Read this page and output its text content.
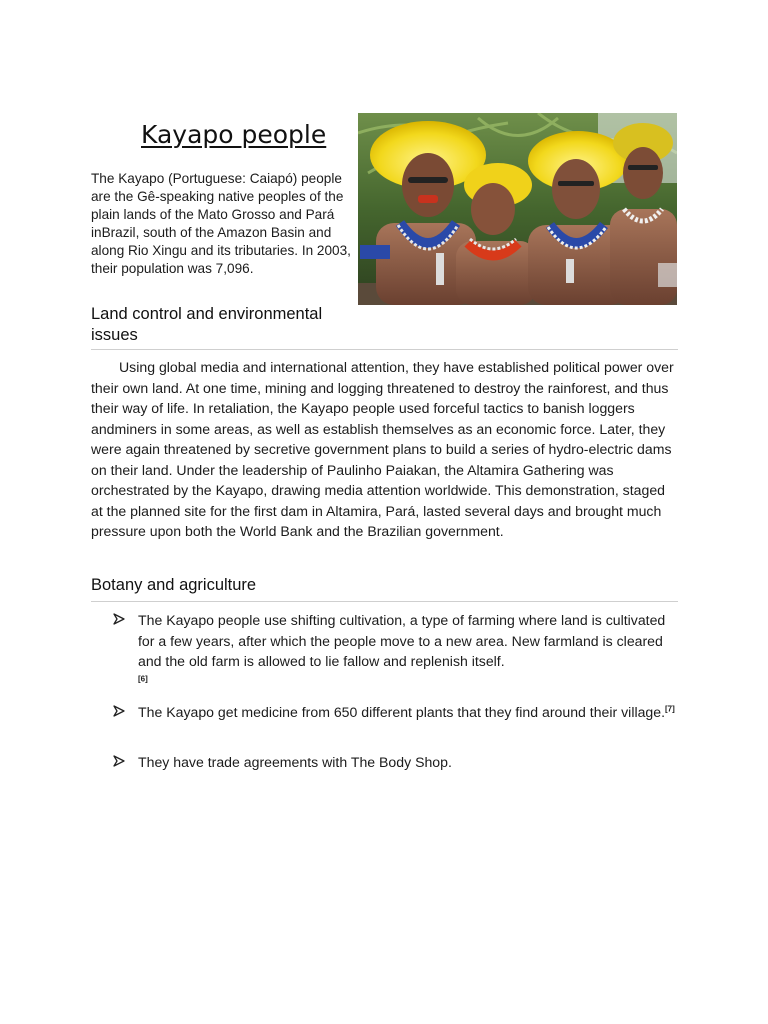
Kayapo people

The Kayapo (Portuguese: Caiapó) people are the Gê-speaking native peoples of the plain lands of the Mato Grosso and Pará inBrazil, south of the Amazon Basin and along Rio Xingu and its tributaries. In 2003, their population was 7,096.

Land control and environmental issues

Using global media and international attention, they have established political power over their own land. At one time, mining and logging threatened to destroy the rainforest, and thus their way of life. In retaliation, the Kayapo people used forceful tactics to banish loggers andminers in some areas, as well as establish themselves as an economic force. Later, they were again threatened by secretive government plans to build a series of hydro-electric dams on their land. Under the leadership of Paulinho Paiakan, the Altamira Gathering was orchestrated by the Kayapo, drawing media attention worldwide. This demonstration, staged at the planned site for the first dam in Altamira, Pará, lasted several days and brought much pressure upon both the World Bank and the Brazilian government.

Botany and agriculture
The Kayapo people use shifting cultivation, a type of farming where land is cultivated for a few years, after which the people move to a new area. New farmland is cleared and the old farm is allowed to lie fallow and replenish itself.
[6]
The Kayapo get medicine from 650 different plants that they find around their village.[7]
They have trade agreements with The Body Shop.
